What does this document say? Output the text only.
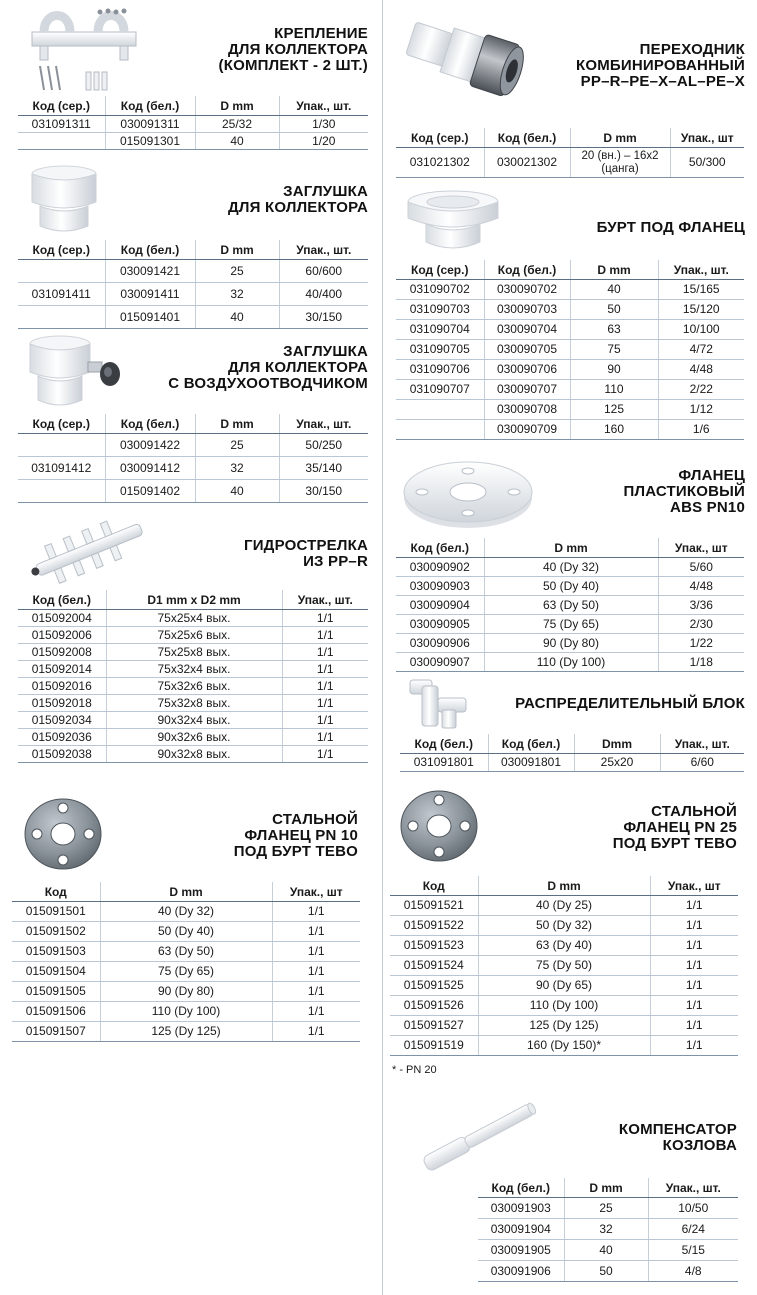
КРЕПЛЕНИЕ
ДЛЯ КОЛЛЕКТОРА
(КОМПЛЕКТ - 2 ШТ.)
Код (сер.)	Код (бел.)	D mm	Упак., шт.
031091311	030091311	25/32	1/30
	015091301	40	1/20
ЗАГЛУШКА
ДЛЯ КОЛЛЕКТОРА
Код (сер.)	Код (бел.)	D mm	Упак., шт.
	030091421	25	60/600
031091411	030091411	32	40/400
	015091401	40	30/150
ЗАГЛУШКА
ДЛЯ КОЛЛЕКТОРА
С ВОЗДУХООТВОДЧИКОМ
Код (сер.)	Код (бел.)	D mm	Упак., шт.
	030091422	25	50/250
031091412	030091412	32	35/140
	015091402	40	30/150
ГИДРОСТРЕЛКА
ИЗ PP–R
Код (бел.)	D1 mm x D2 mm	Упак., шт.
015092004	75x25x4 вых.	1/1
015092006	75x25x6 вых.	1/1
015092008	75x25x8 вых.	1/1
015092014	75x32x4 вых.	1/1
015092016	75x32x6 вых.	1/1
015092018	75x32x8 вых.	1/1
015092034	90x32x4 вых.	1/1
015092036	90x32x6 вых.	1/1
015092038	90x32x8 вых.	1/1
СТАЛЬНОЙ
ФЛАНЕЦ PN 10
ПОД БУРТ TEBO
Код	D mm	Упак., шт
015091501	40 (Dy 32)	1/1
015091502	50 (Dy 40)	1/1
015091503	63 (Dy 50)	1/1
015091504	75 (Dy 65)	1/1
015091505	90 (Dy 80)	1/1
015091506	110 (Dy 100)	1/1
015091507	125 (Dy 125)	1/1
ПЕРЕХОДНИК
КОМБИНИРОВАННЫЙ
PP–R–PE–X–AL–PE–X
Код (сер.)	Код (бел.)	D mm	Упак., шт
031021302	030021302	20 (вн.) – 16x2 (цанга)	50/300
БУРТ ПОД ФЛАНЕЦ
Код (сер.)	Код (бел.)	D mm	Упак., шт.
031090702	030090702	40	15/165
031090703	030090703	50	15/120
031090704	030090704	63	10/100
031090705	030090705	75	4/72
031090706	030090706	90	4/48
031090707	030090707	110	2/22
	030090708	125	1/12
	030090709	160	1/6
ФЛАНЕЦ
ПЛАСТИКОВЫЙ
ABS PN10
Код (бел.)	D mm	Упак., шт
030090902	40 (Dy 32)	5/60
030090903	50 (Dy 40)	4/48
030090904	63 (Dy 50)	3/36
030090905	75 (Dy 65)	2/30
030090906	90 (Dy 80)	1/22
030090907	110 (Dy 100)	1/18
РАСПРЕДЕЛИТЕЛЬНЫЙ БЛОК
Код (бел.)	Код (бел.)	Dmm	Упак., шт.
031091801	030091801	25x20	6/60
СТАЛЬНОЙ
ФЛАНЕЦ PN 25
ПОД БУРТ TEBO
Код	D mm	Упак., шт
015091521	40 (Dy 25)	1/1
015091522	50 (Dy 32)	1/1
015091523	63 (Dy 40)	1/1
015091524	75 (Dy 50)	1/1
015091525	90 (Dy 65)	1/1
015091526	110 (Dy 100)	1/1
015091527	125 (Dy 125)	1/1
015091519	160 (Dy 150)*	1/1
* - PN 20
КОМПЕНСАТОР
КОЗЛОВА
Код (бел.)	D mm	Упак., шт.
030091903	25	10/50
030091904	32	6/24
030091905	40	5/15
030091906	50	4/8
